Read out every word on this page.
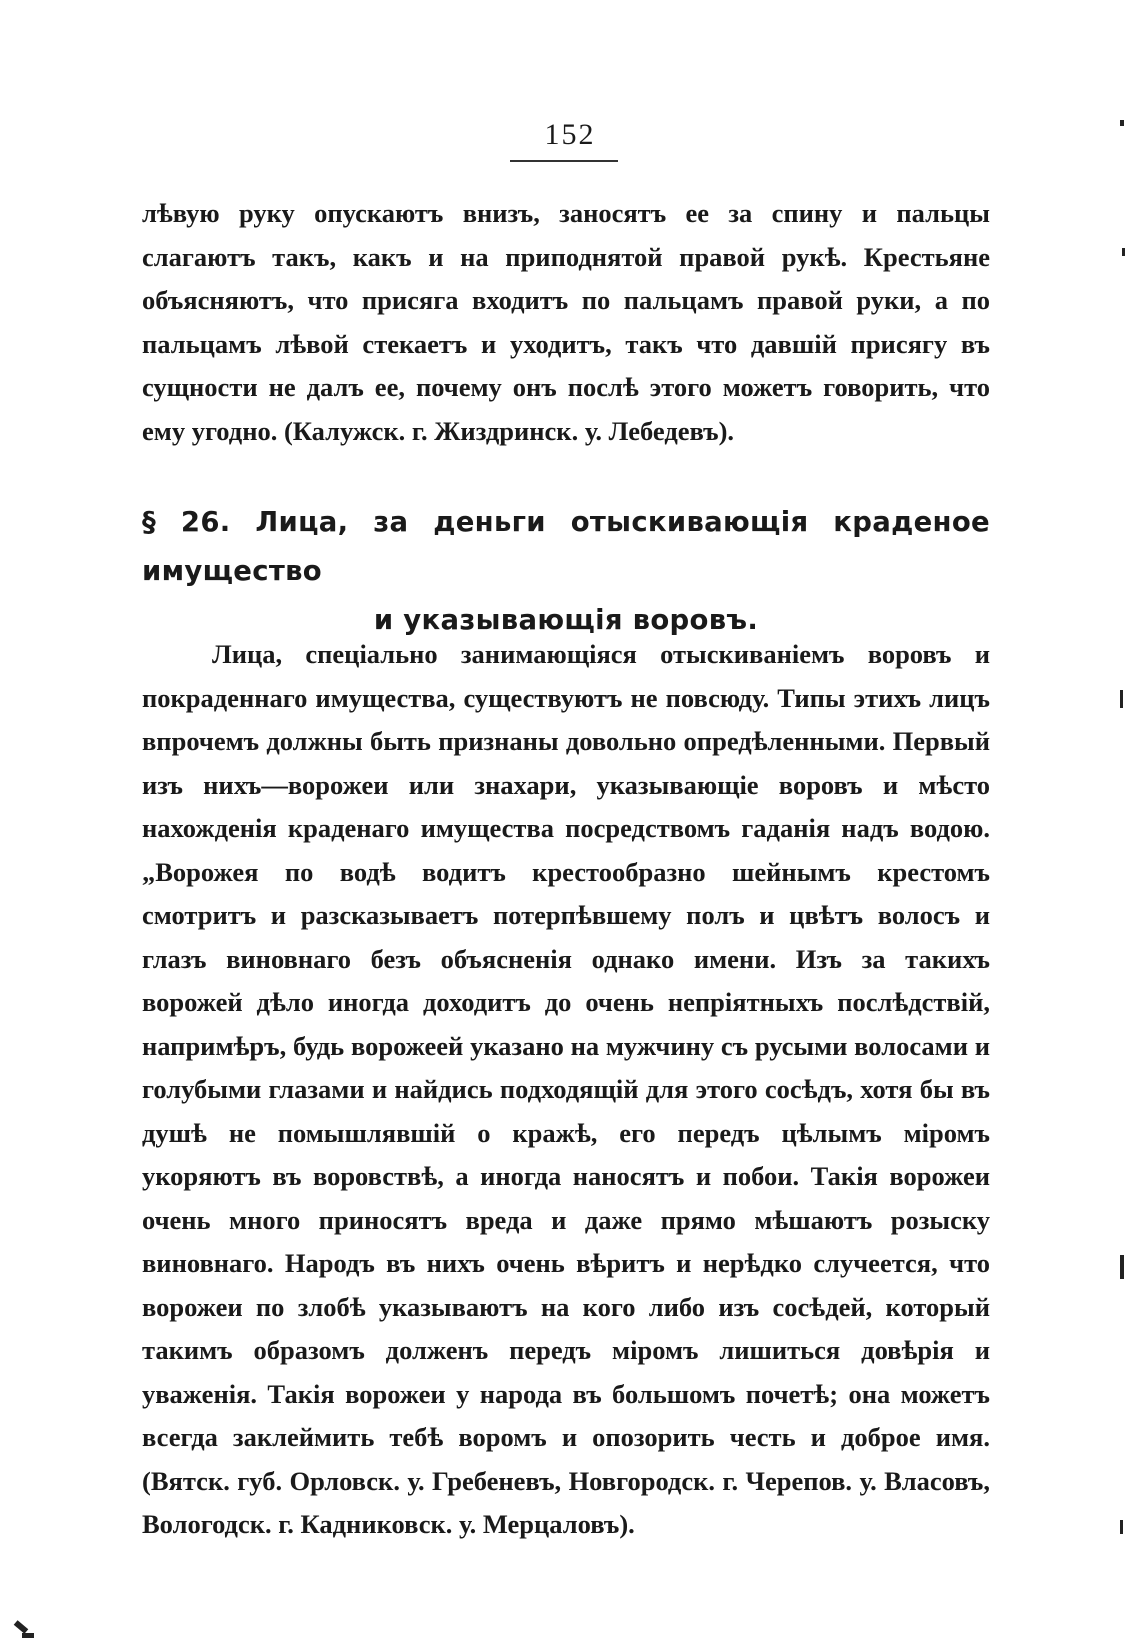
152

лѣвую руку опускаютъ внизъ, заносятъ ее за спину и пальцы слагаютъ такъ, какъ и на приподнятой правой рукѣ. Крестьяне объясняютъ, что присяга входитъ по пальцамъ правой руки, а по пальцамъ лѣвой стекаетъ и уходитъ, такъ что давшій присягу въ сущности не далъ ее, почему онъ послѣ этого можетъ говорить, что ему угодно. (Калужск. г. Жиздринск. у. Лебедевъ).

§ 26. Лица, за деньги отыскивающія краденое имущество
и указывающія воровъ.

Лица, спеціально занимающіяся отыскиваніемъ воровъ и покраденнаго имущества, существуютъ не повсюду. Типы этихъ лицъ впрочемъ должны быть признаны довольно опредѣленными. Первый изъ нихъ—ворожеи или знахари, указывающіе воровъ и мѣсто нахожденія краденаго имущества посредствомъ гаданія надъ водою. „Ворожея по водѣ водитъ крестообразно шейнымъ крестомъ смотритъ и разсказываетъ потерпѣвшему полъ и цвѣтъ волосъ и глазъ виновнаго безъ объясненія однако имени. Изъ за такихъ ворожей дѣло иногда доходитъ до очень непріятныхъ послѣдствій, напримѣръ, будь ворожеей указано на мужчину съ русыми волосами и голубыми глазами и найдись подходящій для этого сосѣдъ, хотя бы въ душѣ не помышлявшій о кражѣ, его передъ цѣлымъ міромъ укоряютъ въ воровствѣ, а иногда наносятъ и побои. Такія ворожеи очень много приносятъ вреда и даже прямо мѣшаютъ розыску виновнаго. Народъ въ нихъ очень вѣритъ и нерѣдко случеется, что ворожеи по злобѣ указываютъ на кого либо изъ сосѣдей, который такимъ образомъ долженъ передъ міромъ лишиться довѣрія и уваженія. Такія ворожеи у народа въ большомъ почетѣ; она можетъ всегда заклеймить тебѣ воромъ и опозорить честь и доброе имя. (Вятск. губ. Орловск. у. Гребеневъ, Новгородск. г. Черепов. у. Власовъ, Вологодск. г. Кадниковск. у. Мерцаловъ).
